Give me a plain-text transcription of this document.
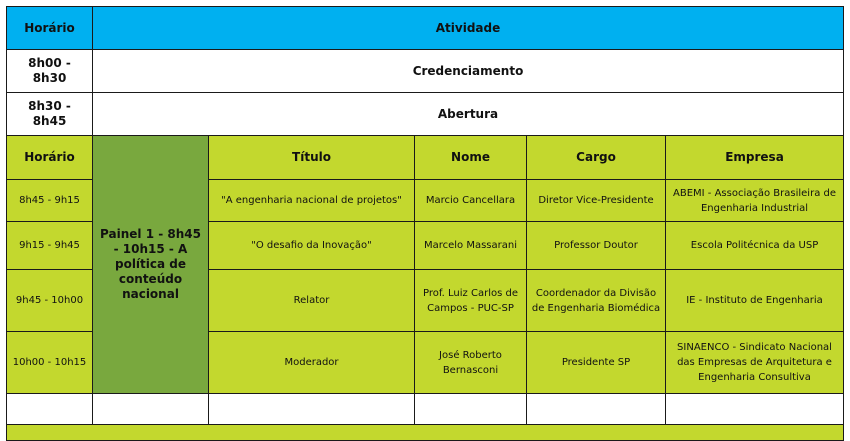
Horário	Atividade				
8h00 - 8h30	Credenciamento				
8h30 - 8h45	Abertura				
Horário	Painel 1 - 8h45 - 10h15 - A política de conteúdo nacional	Título	Nome	Cargo	Empresa
8h45 - 9h15		"A engenharia nacional de projetos"	Marcio Cancellara	Diretor Vice-Presidente	ABEMI - Associação Brasileira de Engenharia Industrial
9h15 - 9h45		"O desafio da Inovação"	Marcelo Massarani	Professor Doutor	Escola Politécnica da USP
9h45 - 10h00		Relator	Prof. Luiz Carlos de Campos - PUC-SP	Coordenador da Divisão de Engenharia Biomédica	IE - Instituto de Engenharia
10h00 - 10h15		Moderador	José Roberto Bernasconi	Presidente SP	SINAENCO - Sindicato Nacional das Empresas de Arquitetura e Engenharia Consultiva
